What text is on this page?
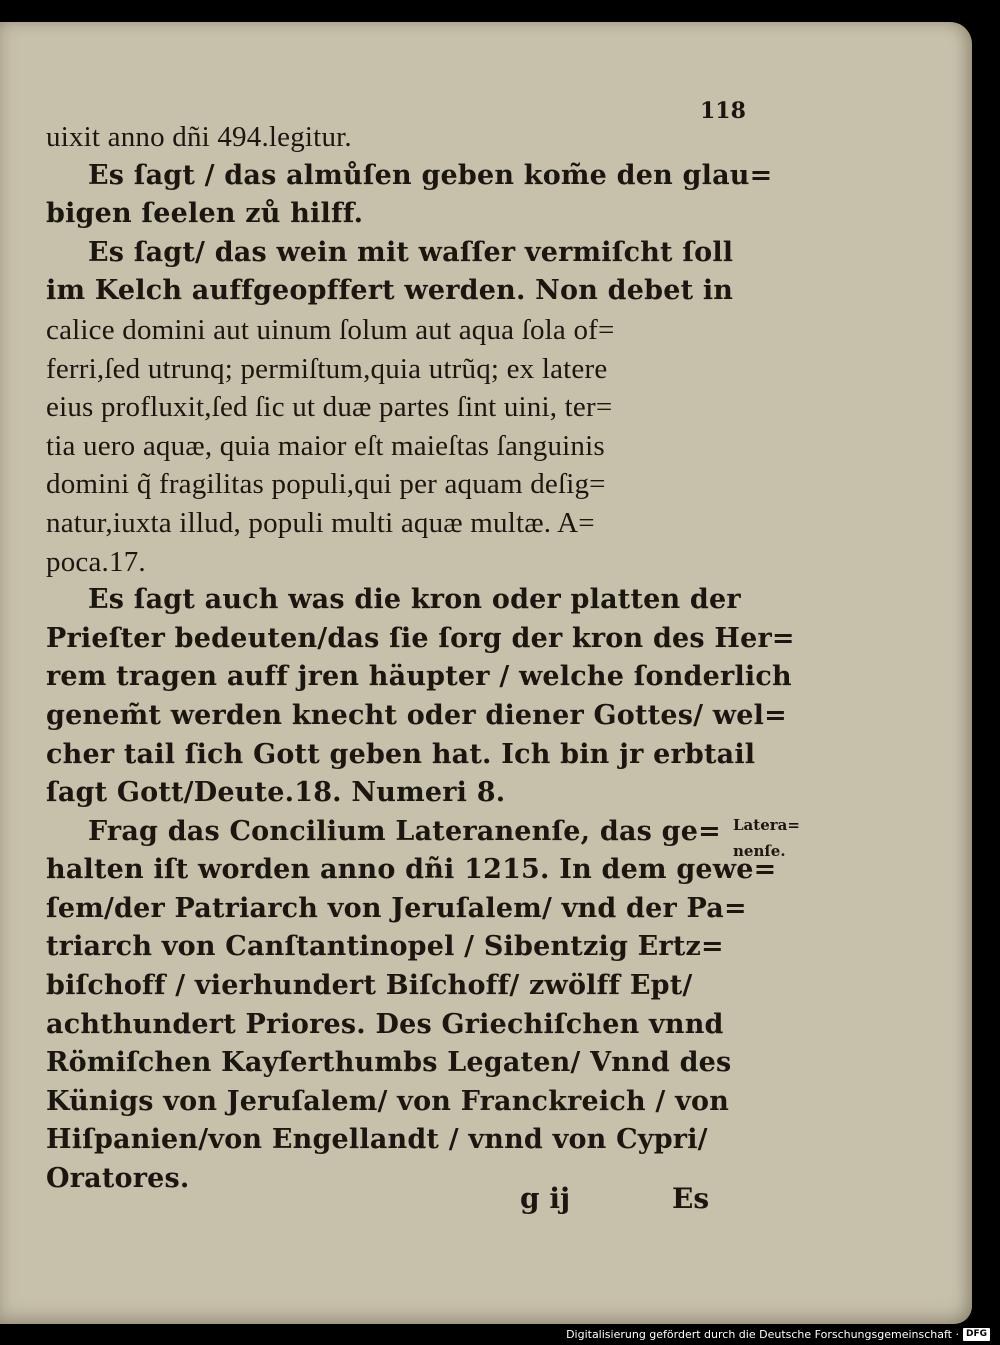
118
uixit anno dñi 494.legitur.
Es ſagt / das almůſen geben kom̃e den glau=
bigen ſeelen zů hilff.
Es ſagt/ das wein mit waſſer vermiſcht ſoll
im Kelch auffgeopffert werden. Non debet in
calice domini aut uinum ſolum aut aqua ſola of=
ferri,ſed utrunq; permiſtum,quia utrũq; ex latere
eius profluxit,ſed ſic ut duæ partes ſint uini, ter=
tia uero aquæ, quia maior eſt maieſtas ſanguinis
domini q̃ fragilitas populi,qui per aquam deſig=
natur,iuxta illud, populi multi aquæ multæ. A=
poca.17.
Es ſagt auch was die kron oder platten der
Prieſter bedeuten/das ſie ſorg der kron des Her=
rem tragen auff jren häupter / welche ſonderlich
genem̃t werden knecht oder diener Gottes/ wel=
cher tail ſich Gott geben hat. Ich bin jr erbtail
ſagt Gott/Deute.18. Numeri 8.
Frag das Concilium Lateranenſe, das ge=
halten iſt worden anno dñi 1215. In dem gewe=
ſem/der Patriarch von Jeruſalem/ vnd der Pa=
triarch von Canſtantinopel / Sibentzig Ertz=
biſchoff / vierhundert Biſchoff/ zwölff Ept/
achthundert Priores. Des Griechiſchen vnnd
Römiſchen Kayſerthumbs Legaten/ Vnnd des
Künigs von Jeruſalem/ von Franckreich / von
Hiſpanien/von Engellandt / vnnd von Cypri/
Oratores.
Latera=
nenſe.
g ij	Es
Digitalisierung gefördert durch die Deutsche Forschungsgemeinschaft · DFG
